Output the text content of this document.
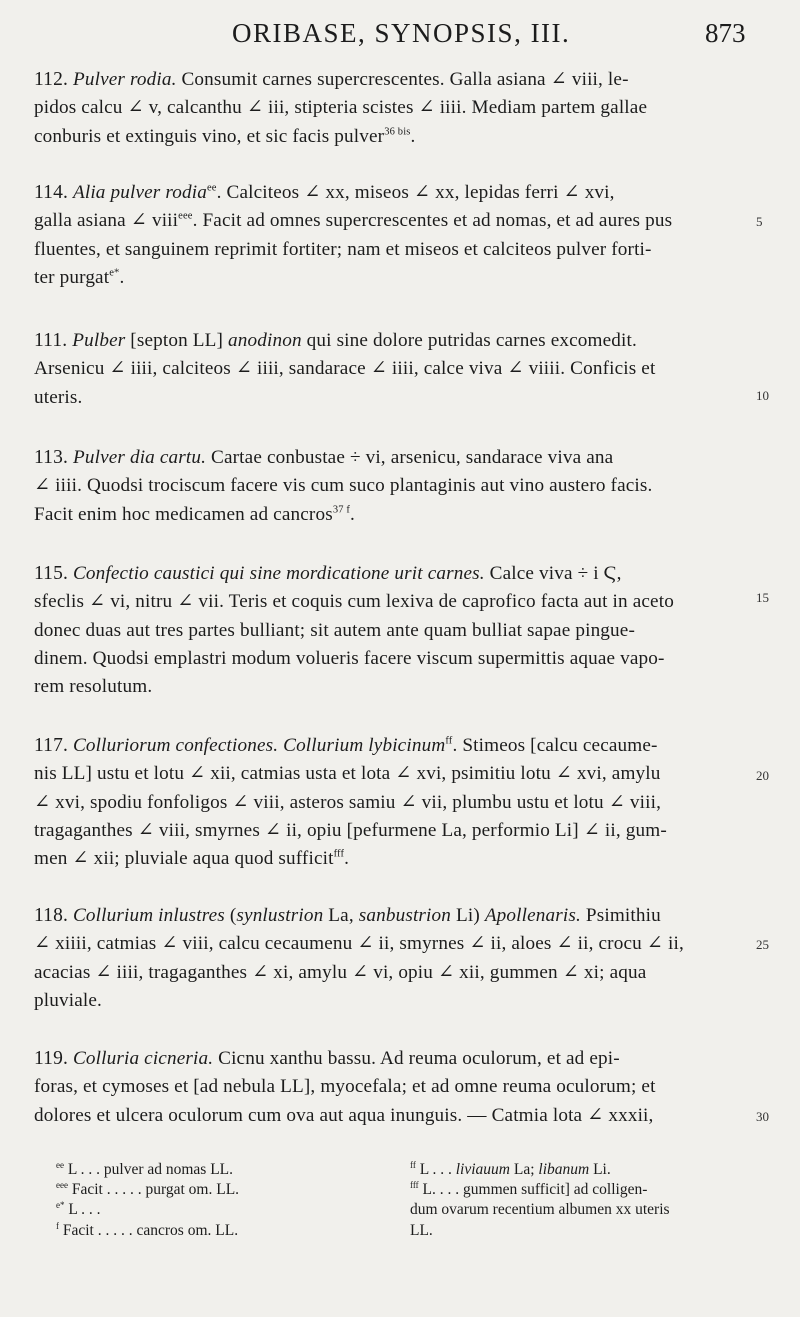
ORIBASE, SYNOPSIS, III.	873
112. Pulver rodia. Consumit carnes supercrescentes. Galla asiana ∠ viii, le-
pidos calcu ∠ v, calcanthu ∠ iii, stipteria scistes ∠ iiii. Mediam partem gallae
conburis et extinguis vino, et sic facis pulver$^{36 bis}$.
114. Alia pulver rodia$^{ee}$. Calciteos ∠ xx, miseos ∠ xx, lepidas ferri ∠ xvi,
galla asiana ∠ viii$^{eee}$. Facit ad omnes supercrescentes et ad nomas, et ad aures pus
fluentes, et sanguinem reprimit fortiter; nam et miseos et calciteos pulver forti-
ter purgat$^{e*}$.
111. Pulber [septon LL] anodinon qui sine dolore putridas carnes excomedit.
Arsenicu ∠ iiii, calciteos ∠ iiii, sandarace ∠ iiii, calce viva ∠ viiii. Conficis et
uteris.
113. Pulver dia cartu. Cartae conbustae ÷ vi, arsenicu, sandarace viva ana
∠ iiii. Quodsi trociscum facere vis cum suco plantaginis aut vino austero facis.
Facit enim hoc medicamen ad cancros$^{37 f}$.
115. Confectio caustici qui sine mordicatione urit carnes. Calce viva ÷ i Ϛ,
sfeclis ∠ vi, nitru ∠ vii. Teris et coquis cum lexiva de caprofico facta aut in aceto
donec duas aut tres partes bulliant; sit autem ante quam bulliat sapae pingue-
dinem. Quodsi emplastri modum volueris facere viscum supermittis aquae vapo-
rem resolutum.
117. Colluriorum confectiones. Collurium lybicinum$^{ff}$. Stimeos [calcu cecaume-
nis LL] ustu et lotu ∠ xii, catmias usta et lota ∠ xvi, psimitiu lotu ∠ xvi, amylu
∠ xvi, spodiu fonfoligos ∠ viii, asteros samiu ∠ vii, plumbu ustu et lotu ∠ viii,
tragaganthes ∠ viii, smyrnes ∠ ii, opiu [pefurmene La, performio Li] ∠ ii, gum-
men ∠ xii; pluviale aqua quod sufficit$^{fff}$.
118. Collurium inlustres (synlustrion La, sanbustrion Li) Apollenaris. Psimithiu
∠ xiiii, catmias ∠ viii, calcu cecaumenu ∠ ii, smyrnes ∠ ii, aloes ∠ ii, crocu ∠ ii,
acacias ∠ iiii, tragaganthes ∠ xi, amylu ∠ vi, opiu ∠ xii, gummen ∠ xi; aqua
pluviale.
119. Colluria cicneria. Cicnu xanthu bassu. Ad reuma oculorum, et ad epi-
foras, et cymoses et [ad nebula LL], myocefala; et ad omne reuma oculorum; et
dolores et ulcera oculorum cum ova aut aqua inunguis. — Catmia lota ∠ xxxii,
5
10
15
20
25
30
$^{ee}$ L . . . pulver ad nomas LL.
$^{eee}$ Facit . . . . . purgat om. LL.
$^{e*}$ L . . .
$^f$ Facit . . . . . cancros om. LL.
$^{ff}$ L . . . liviauum La; libanum Li.
$^{fff}$ L. . . . gummen sufficit] ad colligen-
dum ovarum recentium albumen xx uteris
LL.
